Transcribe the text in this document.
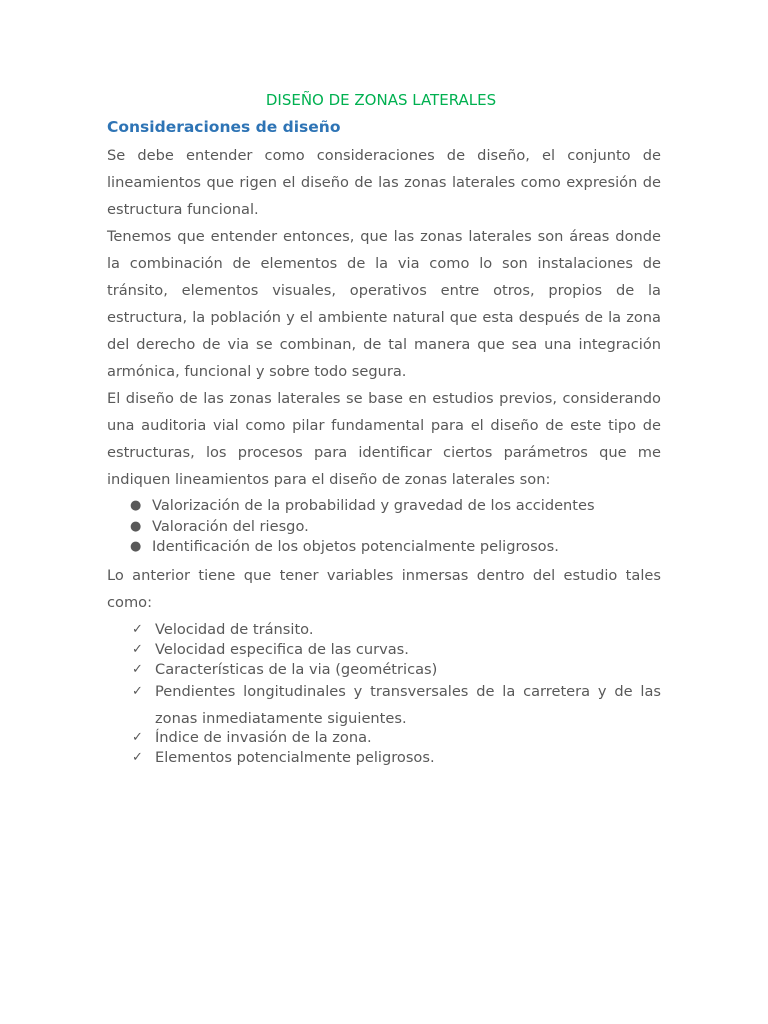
DISEÑO DE ZONAS LATERALES
Consideraciones de diseño

Se debe entender como consideraciones de diseño, el conjunto de lineamientos que rigen el diseño de las zonas laterales como expresión de estructura funcional.

Tenemos que entender entonces, que las zonas laterales son áreas donde la combinación de elementos de la via como lo son instalaciones de tránsito, elementos visuales, operativos entre otros, propios de la estructura, la población y el ambiente natural que esta después de la zona del derecho de via se combinan, de tal manera que sea una integración armónica, funcional y sobre todo segura.

El diseño de las zonas laterales se base en estudios previos, considerando una auditoria vial como pilar fundamental para el diseño de este tipo de estructuras, los procesos para identificar ciertos parámetros que me indiquen lineamientos para el diseño de zonas laterales son:

● Valorización de la probabilidad y gravedad de los accidentes
● Valoración del riesgo.
● Identificación de los objetos potencialmente peligrosos.

Lo anterior tiene que tener variables inmersas dentro del estudio tales como:

✓ Velocidad de tránsito.
✓ Velocidad especifica de las curvas.
✓ Características de la via (geométricas)
✓ Pendientes longitudinales y transversales de la carretera y de las zonas inmediatamente siguientes.
✓ Índice de invasión de la zona.
✓ Elementos potencialmente peligrosos.
